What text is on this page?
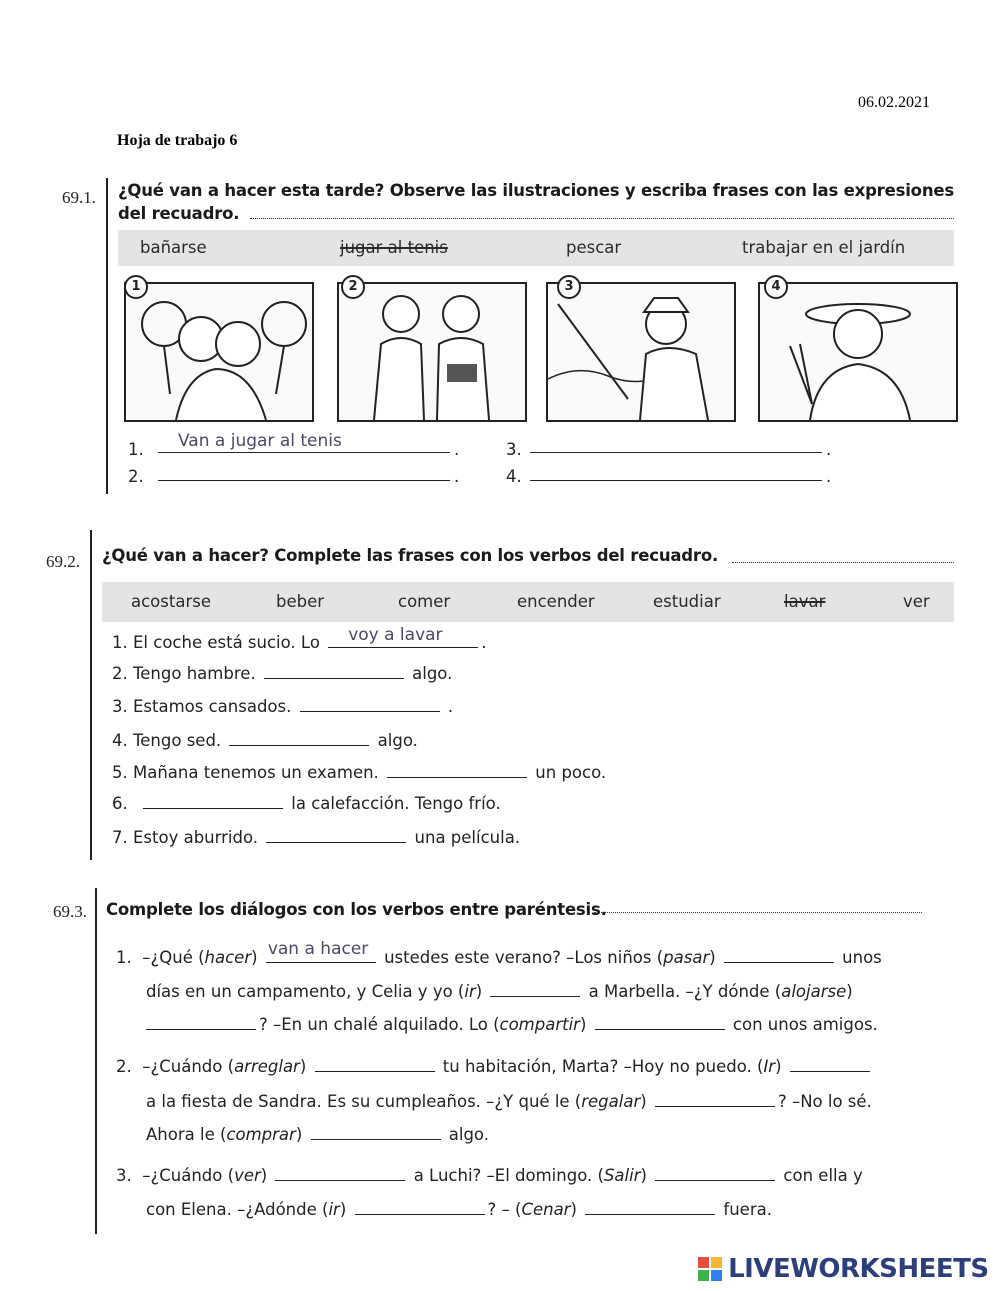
06.02.2021
Hoja de trabajo 6
69.1. ¿Qué van a hacer esta tarde? Observe las ilustraciones y escriba frases con las expresiones
del recuadro.
bañarse	jugar al tenis	pescar	trabajar en el jardín
1	2	3	4
1. Van a jugar al tenis	.
2.	.
3.	.
4.	.
69.2. ¿Qué van a hacer? Complete las frases con los verbos del recuadro.
acostarse	beber	comer	encender	estudiar	lavar	ver
1. El coche está sucio. Lo voy a lavar .
2. Tengo hambre.	algo.
3. Estamos cansados.	.
4. Tengo sed.	algo.
5. Mañana tenemos un examen.	un poco.
6.	la calefacción. Tengo frío.
7. Estoy aburrido.	una película.
69.3. Complete los diálogos con los verbos entre paréntesis.
1. –¿Qué (hacer) van a hacer ustedes este verano? –Los niños (pasar)	unos
días en un campamento, y Celia y yo (ir)	a Marbella. –¿Y dónde (alojarse)
? –En un chalé alquilado. Lo (compartir)	con unos amigos.
2. –¿Cuándo (arreglar)	tu habitación, Marta? –Hoy no puedo. (Ir)
a la fiesta de Sandra. Es su cumpleaños. –¿Y qué le (regalar)	? –No lo sé.
Ahora le (comprar)	algo.
3. –¿Cuándo (ver)	a Luchi? –El domingo. (Salir)	con ella y
con Elena. –¿Adónde (ir)	? – (Cenar)	fuera.
LIVEWORKSHEETS
